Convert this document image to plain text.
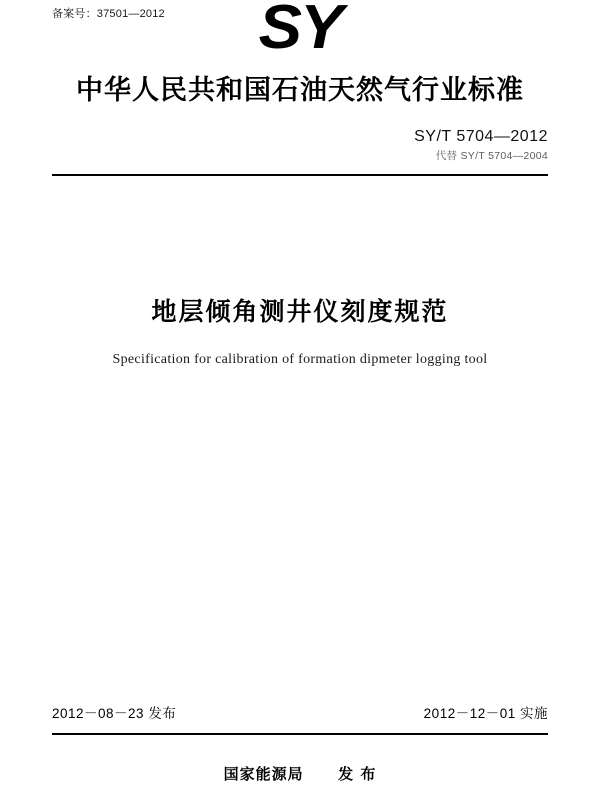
备案号：37501—2012	SY
中华人民共和国石油天然气行业标准
SY/T 5704—2012
代替 SY/T 5704—2004
地层倾角测井仪刻度规范
Specification for calibration of formation dipmeter logging tool
2012－08－23 发布	2012－12－01 实施
国家能源局 发 布
